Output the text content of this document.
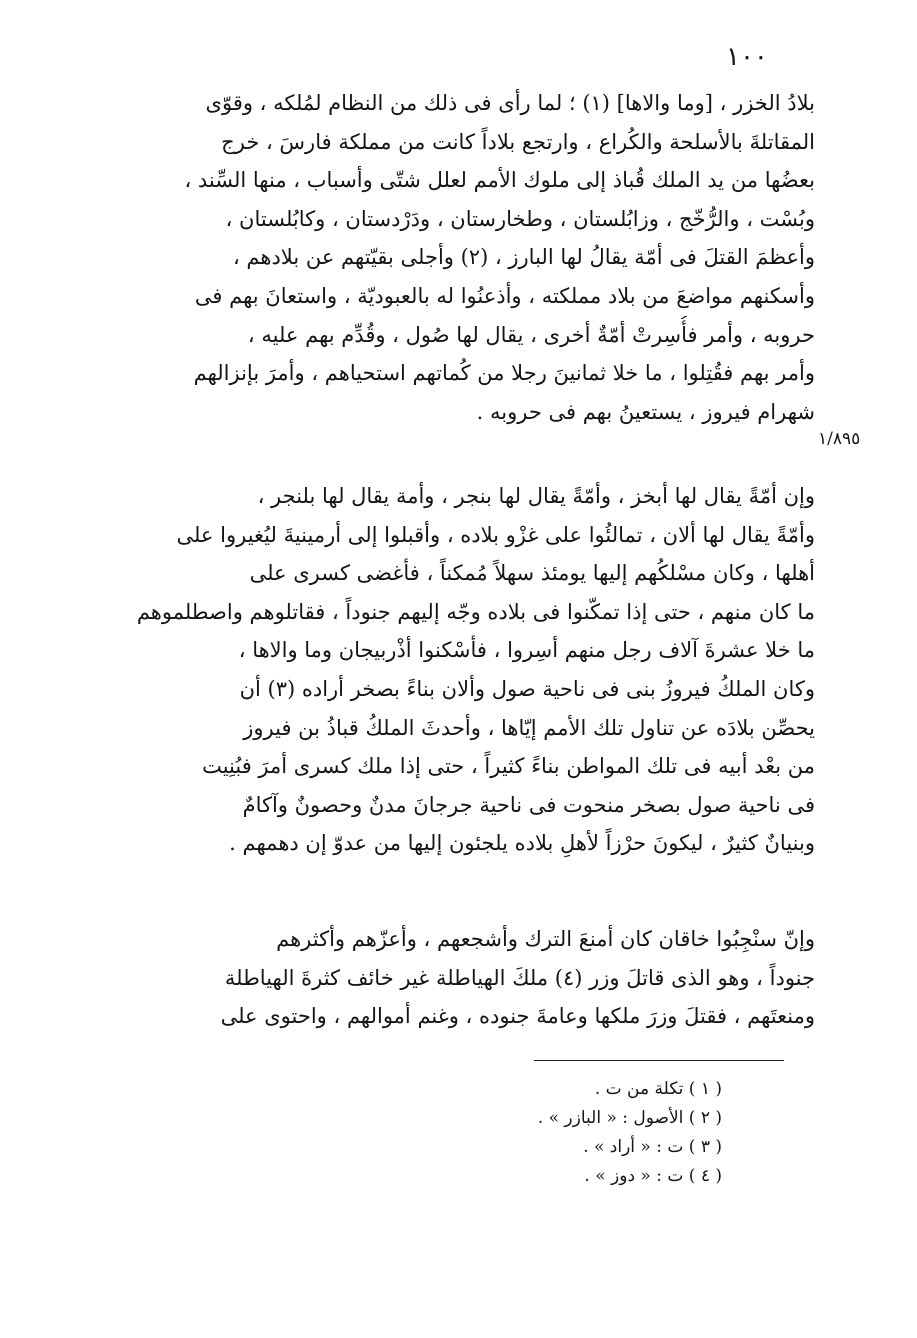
١٠٠
بلادُ الخزر ، [وما والاها] (١) ؛ لما رأى فى ذلك من النظام لمُلكه ، وقوّى
المقاتلةَ بالأسلحة والكُراع ، وارتجع بلاداً كانت من مملكة فارسَ ، خرج
بعضُها من يد الملك قُباذ إلى ملوك الأمم لعلل شتّى وأسباب ، منها السِّند ،
وبُسْت ، والرُّخّج ، وزابُلستان ، وطخارستان ، ودَرْدستان ، وكابُلستان ،
وأعظمَ القتلَ فى أمّة يقالُ لها البارز ، (٢) وأجلى بقيّتهم عن بلادهم ،
وأسكنهم مواضعَ من بلاد مملكته ، وأذعنُوا له بالعبوديّة ، واستعانَ بهم فى
حروبه ، وأمر فأُسِرتْ أمّةٌ أخرى ، يقال لها صُول ، وقُدِّم بهم عليه ،
وأمر بهم فقُتِلوا ، ما خلا ثمانينَ رجلا من كُماتهم استحياهم ، وأمرَ بإنزالهم
شهرام فيروز ، يستعينُ بهم فى حروبه .
١/٨٩٥
وإن أمّةً يقال لها أبخز ، وأمّةً يقال لها بنجر ، وأمة يقال لها بلنجر ،
وأمّةً يقال لها ألان ، تمالئُوا على غزْو بلاده ، وأقبلوا إلى أرمينيةَ ليُغيروا على
أهلها ، وكان مسْلكُهم إليها يومئذ سهلاً مُمكناً ، فأغضى كسرى على
ما كان منهم ، حتى إذا تمكّنوا فى بلاده وجّه إليهم جنوداً ، فقاتلوهم واصطلموهم
ما خلا عشرةَ آلاف رجل منهم أسِروا ، فأسْكنوا أذْربيجان وما والاها ،
وكان الملكُ فيروزُ بنى فى ناحية صول وألان بناءً بصخر أراده (٣) أن
يحصِّن بلادَه عن تناول تلك الأمم إيّاها ، وأحدثَ الملكُ قباذُ بن فيروز
من بعْد أبيه فى تلك المواطن بناءً كثيراً ، حتى إذا ملك كسرى أمرَ فبُنِيت
فى ناحية صول بصخر منحوت فى ناحية جرجانَ مدنٌ وحصونٌ وآكامٌ
وبنيانٌ كثيرٌ ، ليكونَ حرْزاً لأهلِ بلاده يلجئون إليها من عدوّ إن دهمهم .
وإنّ سنْجِبُوا خاقان كان أمنعَ الترك وأشجعهم ، وأعزّهم وأكثرهم
جنوداً ، وهو الذى قاتلَ وزر (٤) ملكَ الهياطلة غير خائف كثرةَ الهياطلة
ومنعتَهم ، فقتلَ وزرَ ملكها وعامةَ جنوده ، وغنم أموالهم ، واحتوى على
( ١ ) تكلة من ت .
( ٢ ) الأصول : « البازر » .
( ٣ ) ت : « أراد » .
( ٤ ) ت : « دوز » .
